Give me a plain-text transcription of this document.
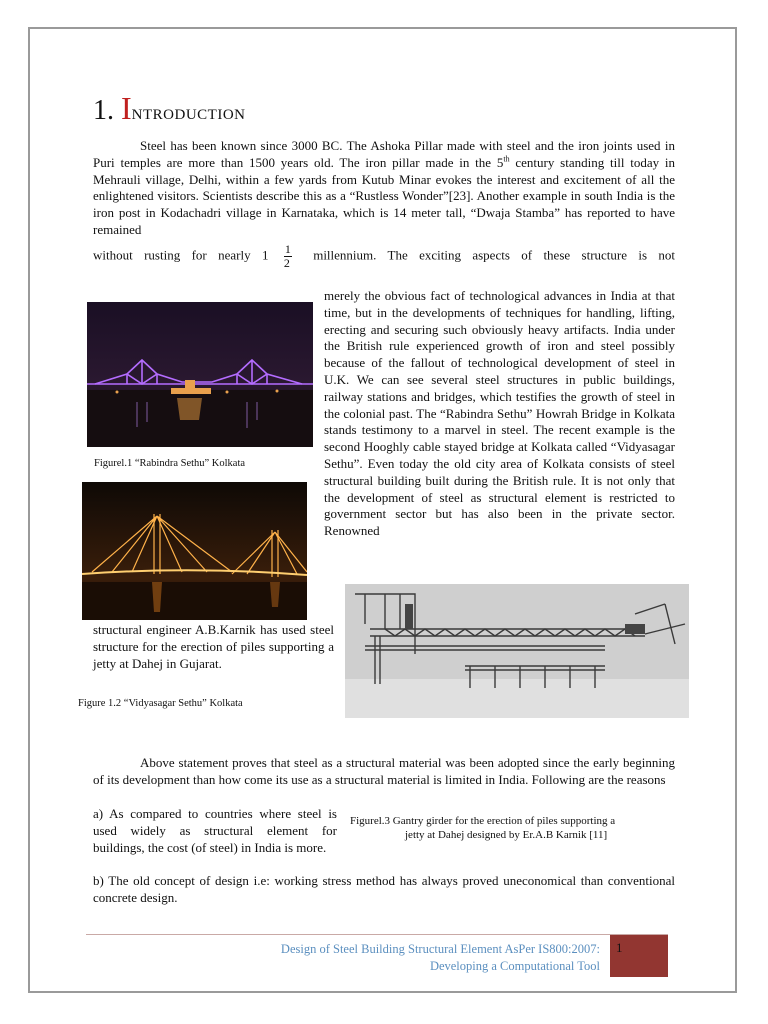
1. Introduction
Steel has been known since 3000 BC. The Ashoka Pillar made with steel and the iron joints used in Puri temples are more than 1500 years old. The iron pillar made in the 5th century standing till today in Mehrauli village, Delhi, within a few yards from Kutub Minar evokes the interest and excitement of all the enlightened visitors. Scientists describe this as a “Rustless Wonder”[23]. Another example in south India is the iron post in Kodachadri village in Karnataka, which is 14 meter tall, “Dwaja Stamba” has reported to have remained
without rusting for nearly $1 \frac{1}{2}$ millennium. The exciting aspects of these structure is not

Figurel.1 “Rabindra Sethu” Kolkata

merely the obvious fact of technological advances in India at that time, but in the developments of techniques for handling, lifting, erecting and securing such obviously heavy artifacts. India under the British rule experienced growth of iron and steel possibly because of the fallout of technological development of steel in U.K. We can see several steel structures in public buildings, railway stations and bridges, which testifies the growth of steel in the colonial past. The “Rabindra Sethu” Howrah Bridge in Kolkata stands testimony to a marvel in steel. The recent example is the second Hooghly cable stayed bridge at Kolkata called “Vidyasagar Sethu”. Even today the old city area of Kolkata consists of steel structural building built during the British rule. It is not only that the development of steel as structural element is restricted to government sector but has also been in the private sector. Renowned
structural engineer A.B.Karnik has used steel structure for the erection of piles supporting a jetty at Dahej in Gujarat.

Figure 1.2 “Vidyasagar Sethu” Kolkata

Above statement proves that steel as a structural material was been adopted since the early beginning of its development than how come its use as a structural material is limited in India. Following are the reasons
a) As compared to countries where steel is used widely as structural element for buildings, the cost (of steel) in India is more.
Figurel.3 Gantry girder for the erection of piles supporting a
jetty at Dahej designed by Er.A.B Karnik [11]
b) The old concept of design i.e: working stress method has always proved uneconomical than conventional concrete design.
Design of Steel Building Structural Element AsPer IS800:2007:
Developing a Computational Tool
1
